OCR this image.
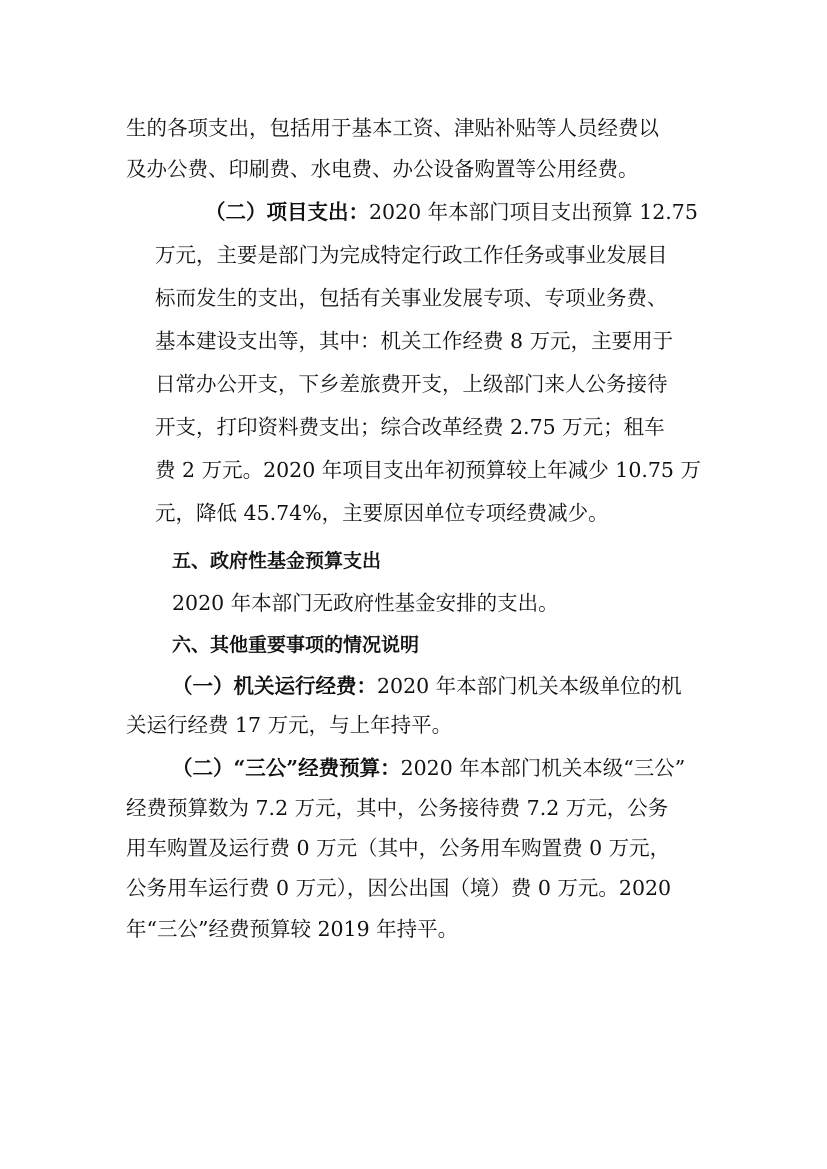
生的各项支出，包括用于基本工资、津贴补贴等人员经费以
及办公费、印刷费、水电费、办公设备购置等公用经费。
（二）项目支出：2020 年本部门项目支出预算 12.75
万元，主要是部门为完成特定行政工作任务或事业发展目
标而发生的支出，包括有关事业发展专项、专项业务费、
基本建设支出等，其中：机关工作经费 8 万元，主要用于
日常办公开支，下乡差旅费开支，上级部门来人公务接待
开支，打印资料费支出；综合改革经费 2.75 万元；租车
费 2 万元。2020 年项目支出年初预算较上年减少 10.75 万
元，降低 45.74%，主要原因单位专项经费减少。
五、政府性基金预算支出
2020 年本部门无政府性基金安排的支出。
六、其他重要事项的情况说明
（一）机关运行经费：2020 年本部门机关本级单位的机
关运行经费 17 万元，与上年持平。
（二）“三公”经费预算：2020 年本部门机关本级“三公”
经费预算数为 7.2 万元，其中，公务接待费 7.2 万元，公务
用车购置及运行费 0 万元（其中，公务用车购置费 0 万元，
公务用车运行费 0 万元），因公出国（境）费 0 万元。2020
年“三公”经费预算较 2019 年持平。
